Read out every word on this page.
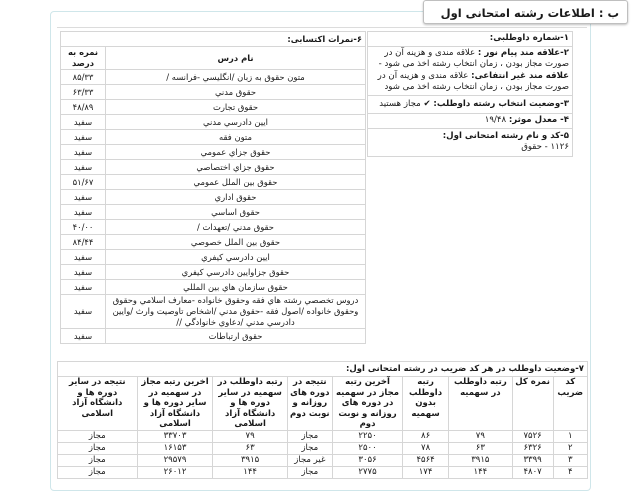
ب : اطلاعات رشته امتحانی اول
۱-شماره داوطلبی:
۲-علاقه مند پیام نور : علاقه مندی و هزینه آن در صورت مجاز بودن ، زمان انتخاب رشته اخذ می شود - علاقه مند غیر انتفاعی: علاقه مندی و هزینه آن در صورت مجاز بودن ، زمان انتخاب رشته اخذ می شود
۳-وضعیت انتخاب رشته داوطلب: ✔ مجاز هستید
۴- معدل موثر: ۱۹/۴۸
۵-کد و نام رشته امتحانی اول:
۱۱۲۶ - حقوق
۶-نمرات اکتسابی:	
نام درس	نمره به درصد
متون حقوق به زبان /انگليسي -فرانسه /	۸۵/۳۳
حقوق مدني	۶۳/۳۳
حقوق تجارت	۴۸/۸۹
ايين دادرسي مدني	سفید
متون فقه	سفید
حقوق جزاي عمومي	سفید
حقوق جزاي اختصاصي	سفید
حقوق بين الملل عمومي	۵۱/۶۷
حقوق اداري	سفید
حقوق اساسي	سفید
حقوق مدني /تعهدات /	۴۰/۰۰
حقوق بين الملل خصوصي	۸۴/۴۴
ايين دادرسي كيفري	سفید
حقوق جزاوايين دادرسي كيفري	سفید
حقوق سازمان هاي بين المللي	سفید
دروس تخصصي رشته هاي فقه وحقوق خانواده -معارف اسلامي وحقوق وحقوق خانواده /اصول فقه -حقوق مدني /اشخاص تاوصيت وارث /وايين دادرسي مدني /دعاوي خانوادگي //	سفید
حقوق ارتباطات	سفید
۷-وضعیت داوطلب در هر کد ضریب در رشته امتحانی اول:								
کد ضریب	نمره کل	رتبه داوطلب در سهمیه	رتبه داوطلب بدون سهمیه	آخرین رتبه مجاز در سهمیه در دوره های روزانه و نوبت دوم	نتیجه در دوره های روزانه و نوبت دوم	رتبه داوطلب در سهمیه در سایر دوره ها و دانشگاه آزاد اسلامی	اخرین رتبه مجاز در سهمیه در سایر دوره ها و دانشگاه آزاد اسلامی	نتیجه در سایر دوره ها و دانشگاه آزاد اسلامی
۱	۷۵۲۶	۷۹	۸۶	۲۲۵۰	مجاز	۷۹	۳۳۷۰۳	مجاز
۲	۶۳۲۶	۶۳	۷۸	۲۵۰۰	مجاز	۶۳	۱۶۱۵۳	مجاز
۳	۳۳۹۹	۳۹۱۵	۴۵۶۴	۳۰۵۶	غیر مجاز	۳۹۱۵	۲۹۵۷۹	مجاز
۴	۴۸۰۷	۱۴۴	۱۷۴	۲۷۷۵	مجاز	۱۴۴	۲۶۰۱۲	مجاز
